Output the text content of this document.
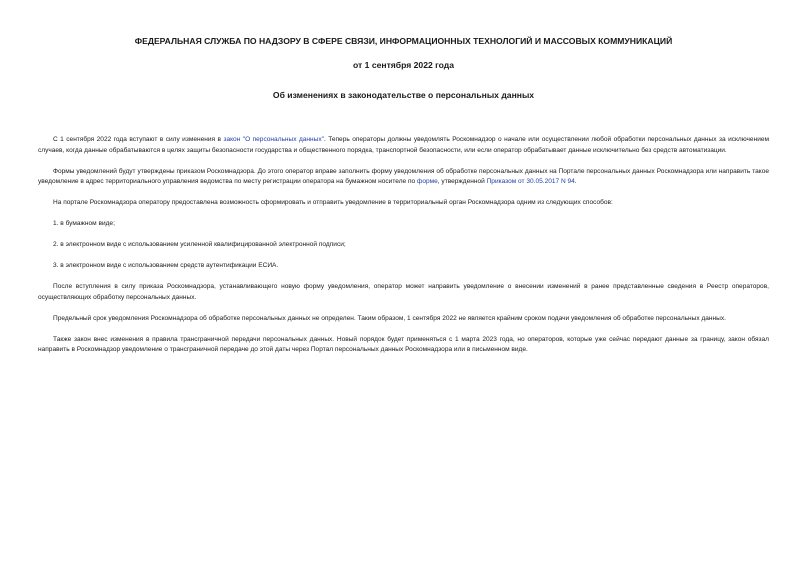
ФЕДЕРАЛЬНАЯ СЛУЖБА ПО НАДЗОРУ В СФЕРЕ СВЯЗИ, ИНФОРМАЦИОННЫХ ТЕХНОЛОГИЙ И МАССОВЫХ КОММУНИКАЦИЙ
от 1 сентября 2022 года
Об изменениях в законодательстве о персональных данных

С 1 сентября 2022 года вступают в силу изменения в закон "О персональных данных". Теперь операторы должны уведомлять Роскомнадзор о начале или осуществлении любой обработки персональных данных за исключением случаев, когда данные обрабатываются в целях защиты безопасности государства и общественного порядка, транспортной безопасности, или если оператор обрабатывает данные исключительно без средств автоматизации.

Формы уведомлений будут утверждены приказом Роскомнадзора. До этого оператор вправе заполнить форму уведомления об обработке персональных данных на Портале персональных данных Роскомнадзора или направить такое уведомление в адрес территориального управления ведомства по месту регистрации оператора на бумажном носителе по форме, утвержденной Приказом от 30.05.2017 N 94.

На портале Роскомнадзора оператору предоставлена возможность сформировать и отправить уведомление в территориальный орган Роскомнадзора одним из следующих способов:

1. в бумажном виде;

2. в электронном виде с использованием усиленной квалифицированной электронной подписи;

3. в электронном виде с использованием средств аутентификации ЕСИА.

После вступления в силу приказа Роскомнадзора, устанавливающего новую форму уведомления, оператор может направить уведомление о внесении изменений в ранее представленные сведения в Реестр операторов, осуществляющих обработку персональных данных.

Предельный срок уведомления Роскомнадзора об обработке персональных данных не определен. Таким образом, 1 сентября 2022 не является крайним сроком подачи уведомления об обработке персональных данных.

Также закон внес изменения в правила трансграничной передачи персональных данных. Новый порядок будет применяться с 1 марта 2023 года, но операторов, которые уже сейчас передают данные за границу, закон обязал направить в Роскомнадзор уведомление о трансграничной передаче до этой даты через Портал персональных данных Роскомнадзора или в письменном виде.
